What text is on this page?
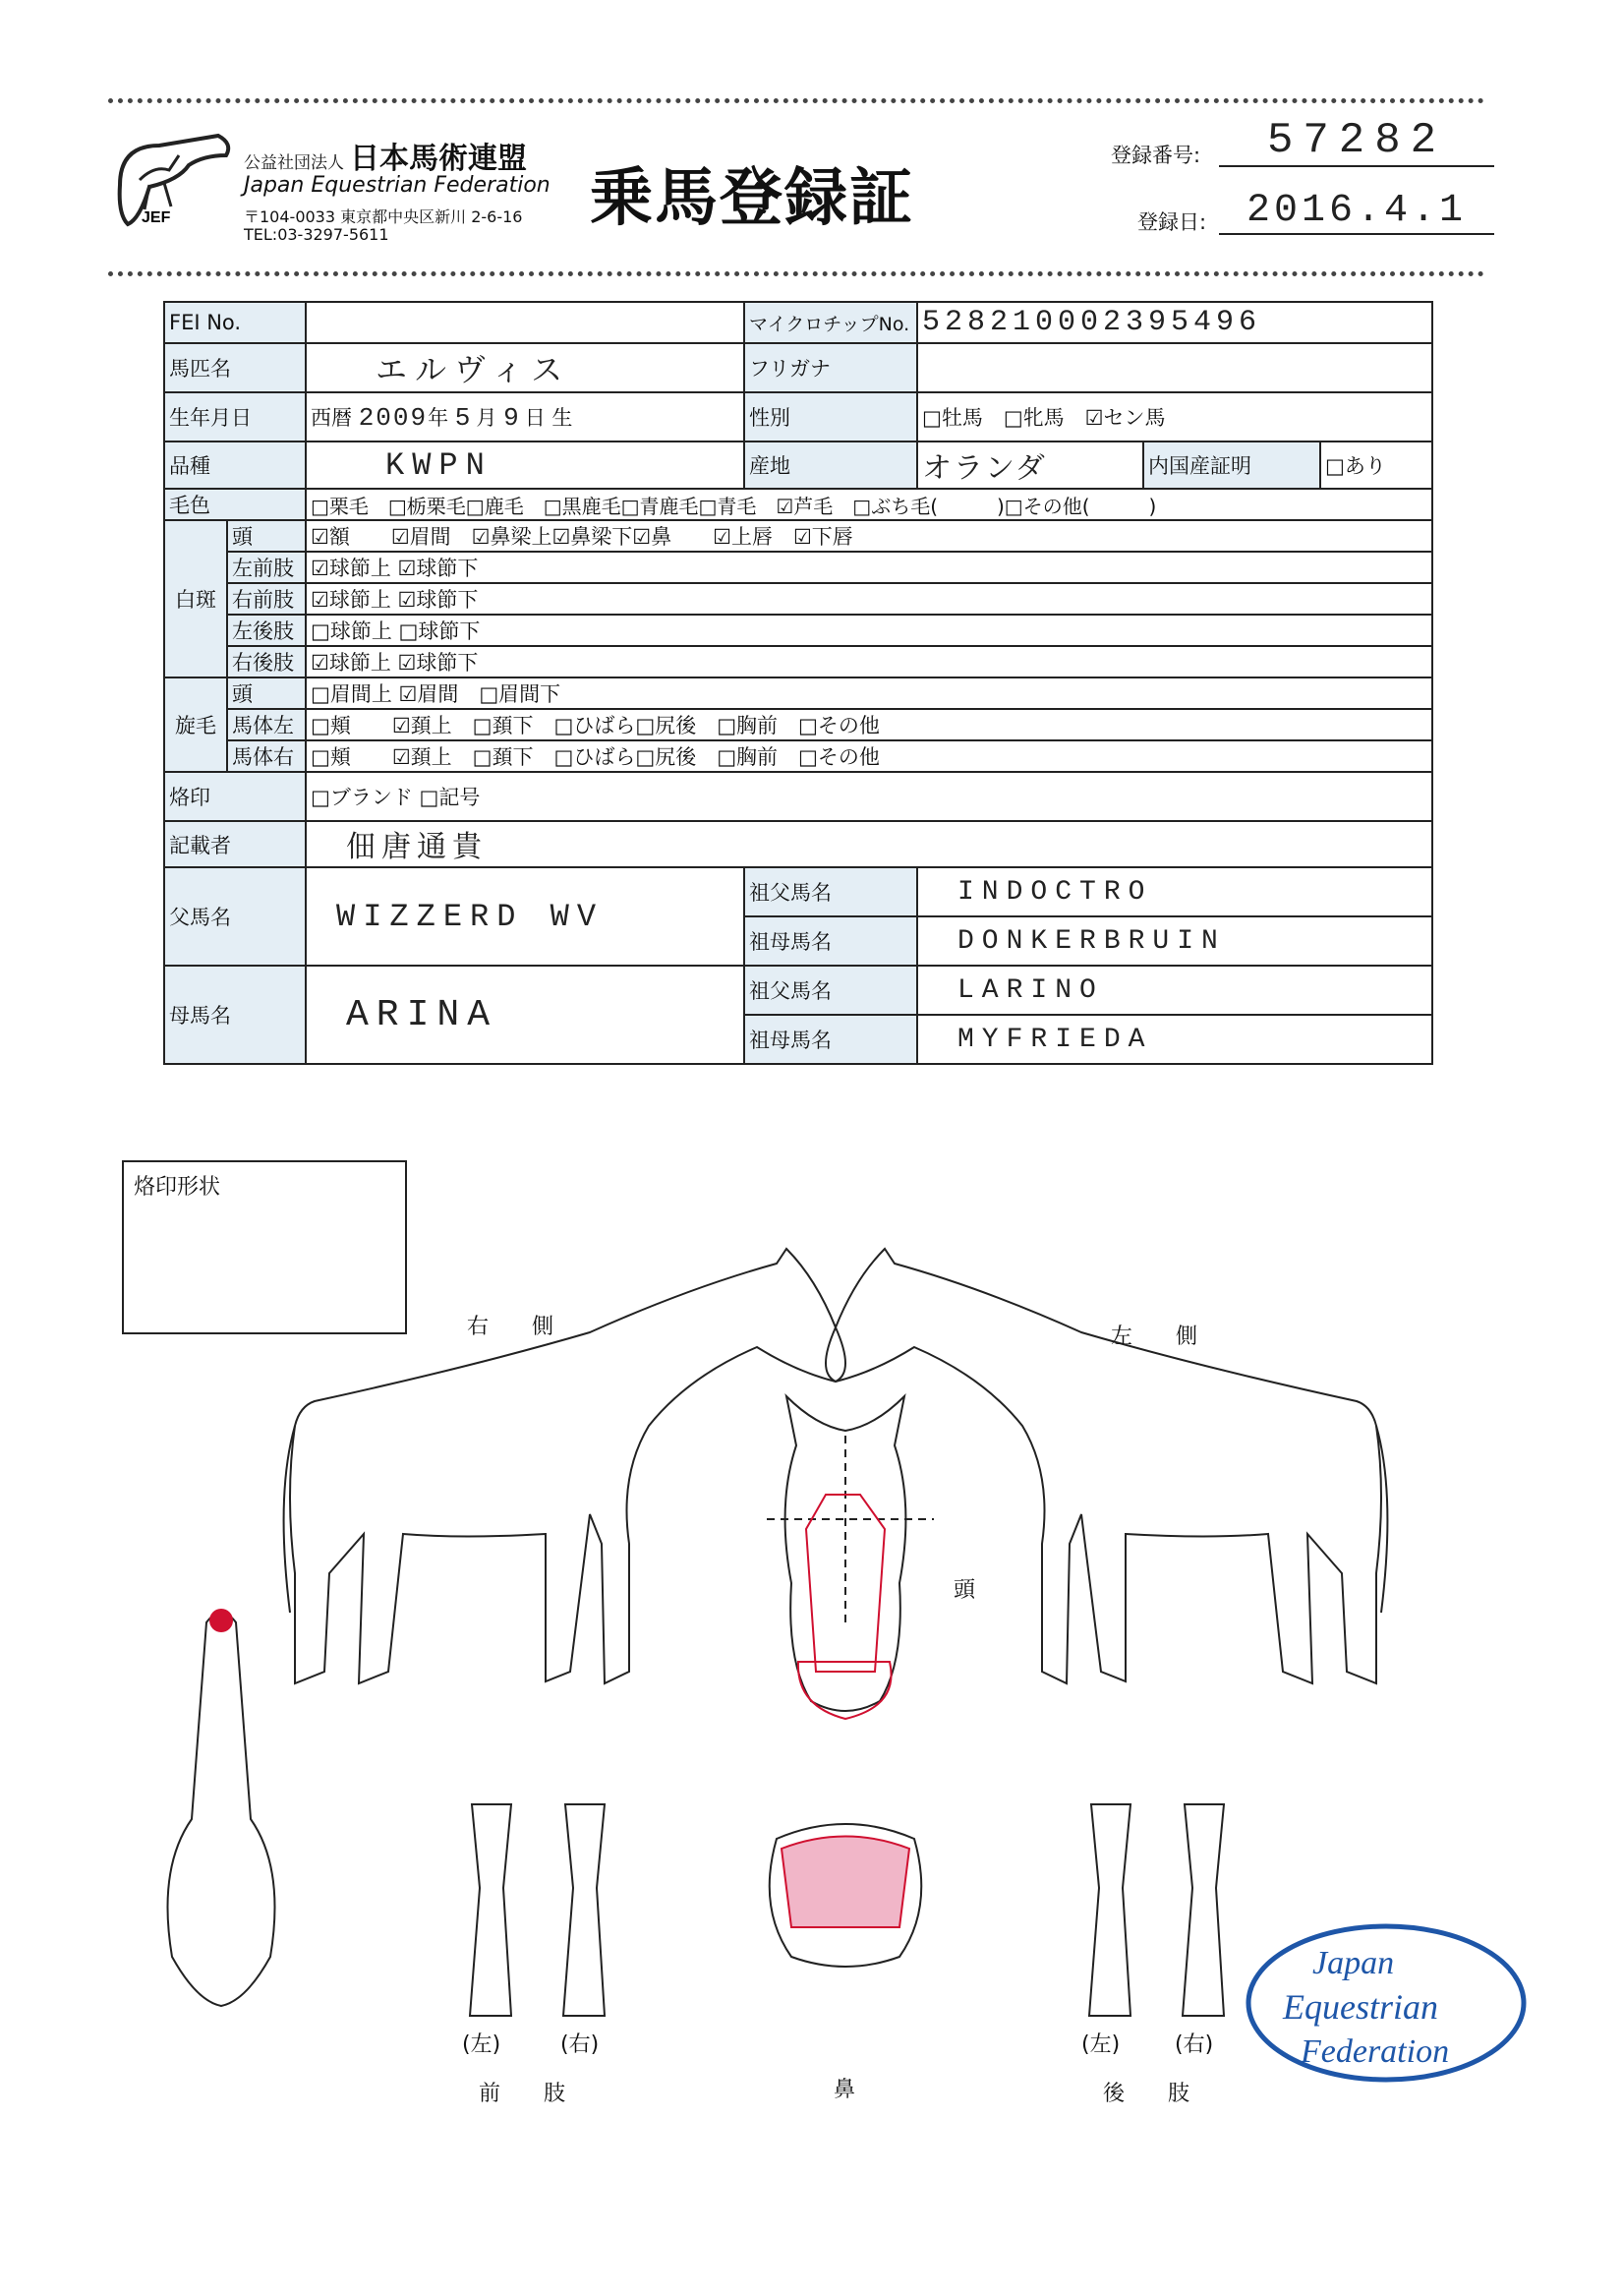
JEF
公益社団法人 日本馬術連盟
Japan Equestrian Federation
〒104-0033 東京都中央区新川 2-6-16
TEL:03-3297-5611	乗馬登録証
登録番号:	57282
登録日:	2016.4.1
FEI No.			マイクロチップNo.	528210002395496		
馬匹名		エルヴィス	フリガナ			
生年月日		西暦 2009年 5月 9日 生	性別	□牡馬　□牝馬　☑セン馬		
品種		KWPN	産地	オランダ	内国産証明	□あり
毛色		□栗毛　□栃栗毛□鹿毛　□黒鹿毛□青鹿毛□青毛　☑芦毛　□ぶち毛(　　　)□その他(　　　)				
白斑	頭	☑額　　☑眉間　☑鼻梁上☑鼻梁下☑鼻　　☑上唇　☑下唇				
	左前肢	☑球節上 ☑球節下				
	右前肢	☑球節上 ☑球節下				
	左後肢	□球節上 □球節下				
	右後肢	☑球節上 ☑球節下				
旋毛	頭	□眉間上 ☑眉間　□眉間下				
	馬体左	□頬　　☑頚上　□頚下　□ひばら□尻後　□胸前　□その他				
	馬体右	□頬　　☑頚上　□頚下　□ひばら□尻後　□胸前　□その他				
烙印		□ブランド □記号				
記載者		佃唐通貴				
父馬名		WIZZERD WV	祖父馬名	INDOCTRO		
			祖母馬名	DONKERBRUIN		
母馬名		ARINA	祖父馬名	LARINO		
			祖母馬名	MYFRIEDA		
烙印形状
右　　側	左　　側
頭
鼻
(左)	(右)
前　　肢
(左)	(右)
後　　肢
Japan
Equestrian
Federation
